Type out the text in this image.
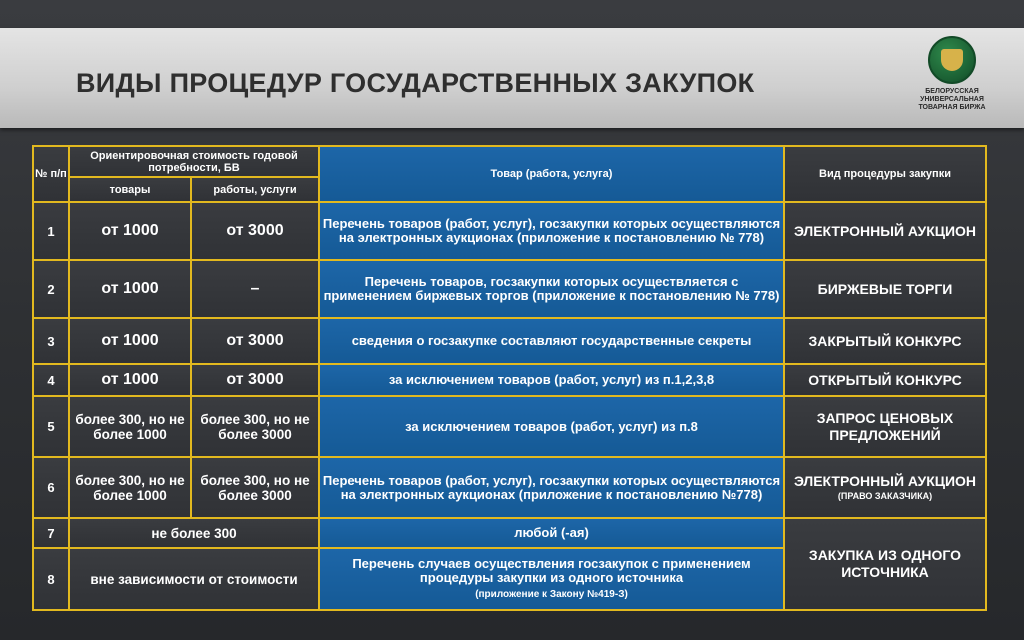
ВИДЫ ПРОЦЕДУР ГОСУДАРСТВЕННЫХ ЗАКУПОК	БЕЛОРУССКАЯ
УНИВЕРСАЛЬНАЯ
ТОВАРНАЯ БИРЖА
№ п/п	Ориентировочная стоимость годовой потребности, БВ		Товар (работа, услуга)	Вид процедуры закупки
	товары	работы, услуги		
1	от 1000	от 3000	Перечень товаров (работ, услуг), госзакупки которых осуществляются на электронных аукционах (приложение к постановлению № 778)	ЭЛЕКТРОННЫЙ АУКЦИОН
2	от 1000	–	Перечень товаров, госзакупки которых осуществляется с применением биржевых торгов (приложение к постановлению № 778)	БИРЖЕВЫЕ ТОРГИ
3	от 1000	от 3000	сведения о госзакупке составляют государственные секреты	ЗАКРЫТЫЙ КОНКУРС
4	от 1000	от 3000	за исключением товаров (работ, услуг) из п.1,2,3,8	ОТКРЫТЫЙ КОНКУРС
5	более 300, но не более 1000	более 300, но не более 3000	за исключением товаров (работ, услуг) из п.8	ЗАПРОС ЦЕНОВЫХ ПРЕДЛОЖЕНИЙ
6	более 300, но не более 1000	более 300, но не более 3000	Перечень товаров (работ, услуг), госзакупки которых осуществляются на электронных аукционах (приложение к постановлению №778)	ЭЛЕКТРОННЫЙ АУКЦИОН
(ПРАВО ЗАКАЗЧИКА)

7	не более 300		любой (-ая)	ЗАКУПКА ИЗ ОДНОГО ИСТОЧНИКА
8	вне зависимости от стоимости		Перечень случаев осуществления госзакупок с применением процедуры закупки из одного источника
(приложение к Закону №419-З)	
